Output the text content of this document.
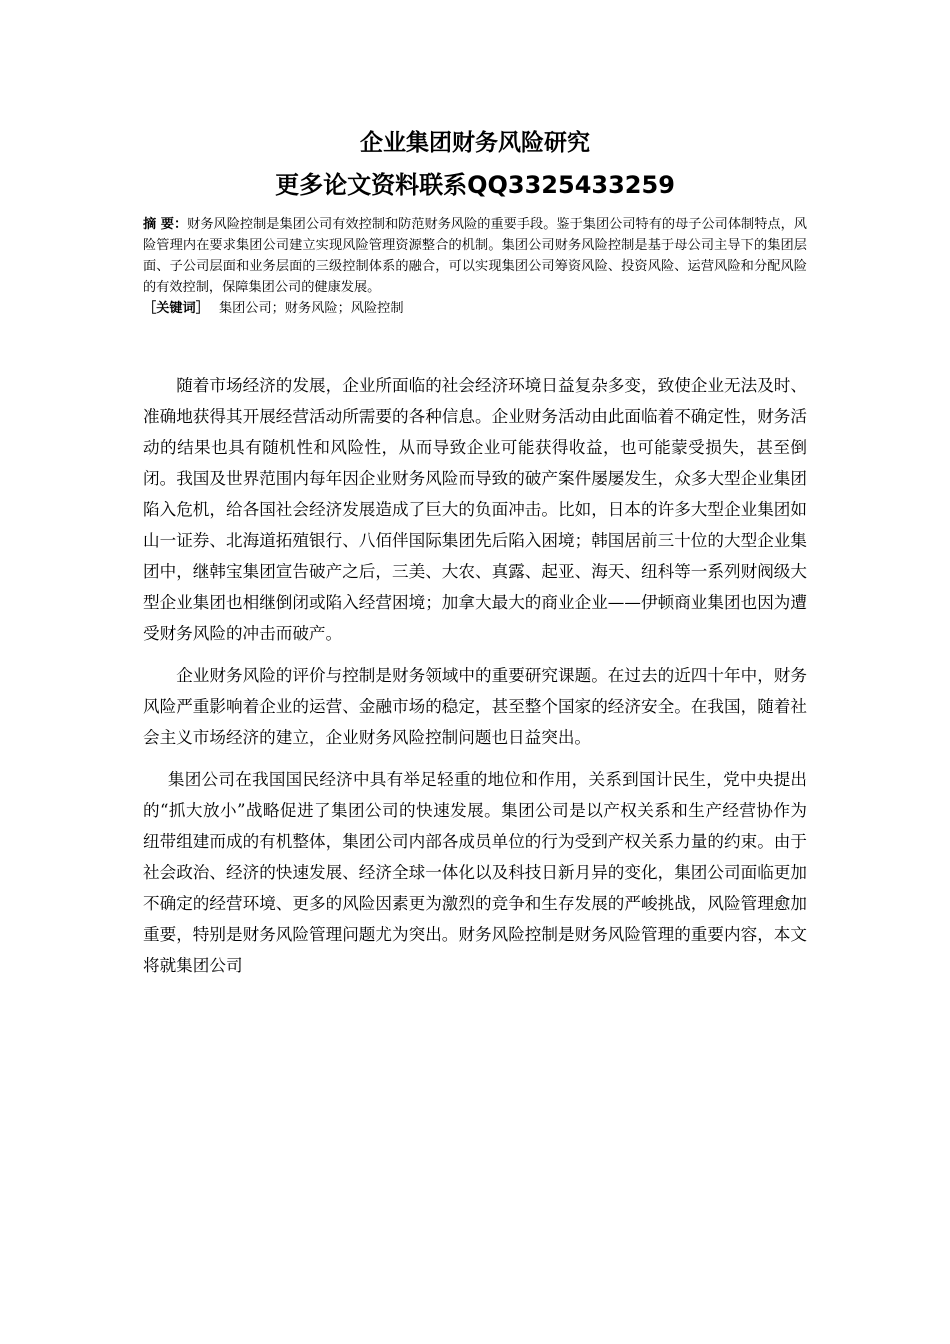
企业集团财务风险研究
更多论文资料联系QQ3325433259
摘 要：财务风险控制是集团公司有效控制和防范财务风险的重要手段。鉴于集团公司特有的母子公司体制特点，风险管理内在要求集团公司建立实现风险管理资源整合的机制。集团公司财务风险控制是基于母公司主导下的集团层面、子公司层面和业务层面的三级控制体系的融合，可以实现集团公司筹资风险、投资风险、运营风险和分配风险的有效控制，保障集团公司的健康发展。
［关键词］ 集团公司；财务风险；风险控制

随着市场经济的发展，企业所面临的社会经济环境日益复杂多变，致使企业无法及时、准确地获得其开展经营活动所需要的各种信息。企业财务活动由此面临着不确定性，财务活动的结果也具有随机性和风险性，从而导致企业可能获得收益，也可能蒙受损失，甚至倒闭。我国及世界范围内每年因企业财务风险而导致的破产案件屡屡发生，众多大型企业集团陷入危机，给各国社会经济发展造成了巨大的负面冲击。比如，日本的许多大型企业集团如山一证券、北海道拓殖银行、八佰伴国际集团先后陷入困境；韩国居前三十位的大型企业集团中，继韩宝集团宣告破产之后，三美、大农、真露、起亚、海天、纽科等一系列财阀级大型企业集团也相继倒闭或陷入经营困境；加拿大最大的商业企业——伊顿商业集团也因为遭受财务风险的冲击而破产。

企业财务风险的评价与控制是财务领域中的重要研究课题。在过去的近四十年中，财务风险严重影响着企业的运营、金融市场的稳定，甚至整个国家的经济安全。在我国，随着社会主义市场经济的建立，企业财务风险控制问题也日益突出。

集团公司在我国国民经济中具有举足轻重的地位和作用，关系到国计民生，党中央提出的“抓大放小”战略促进了集团公司的快速发展。集团公司是以产权关系和生产经营协作为纽带组建而成的有机整体，集团公司内部各成员单位的行为受到产权关系力量的约束。由于社会政治、经济的快速发展、经济全球一体化以及科技日新月异的变化，集团公司面临更加不确定的经营环境、更多的风险因素更为激烈的竞争和生存发展的严峻挑战，风险管理愈加重要，特别是财务风险管理问题尤为突出。财务风险控制是财务风险管理的重要内容，本文将就集团公司
